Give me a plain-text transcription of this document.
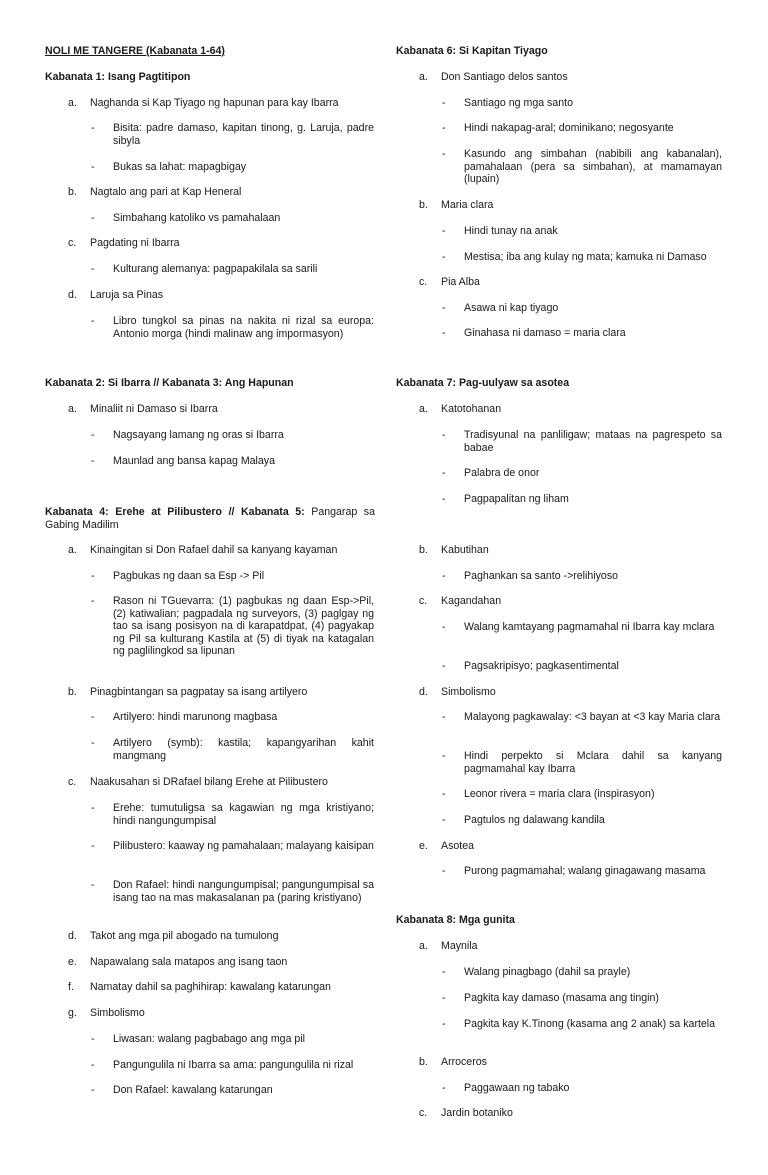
NOLI ME TANGERE (Kabanata 1-64)
Kabanata 1: Isang Pagtitipon
a. Naghanda si Kap Tiyago ng hapunan para kay Ibarra
- Bisita: padre damaso, kapitan tinong, g. Laruja, padre sibyla
- Bukas sa lahat: mapagbigay
b. Nagtalo ang pari at Kap Heneral
- Simbahang katoliko vs pamahalaan
c. Pagdating ni Ibarra
- Kulturang alemanya: pagpapakilala sa sarili
d. Laruja sa Pinas
- Libro tungkol sa pinas na nakita ni rizal sa europa: Antonio morga (hindi malinaw ang impormasyon)
Kabanata 2: Si Ibarra // Kabanata 3: Ang Hapunan
a. Minaliit ni Damaso si Ibarra
- Nagsayang lamang ng oras si Ibarra
- Maunlad ang bansa kapag Malaya
Kabanata 4: Erehe at Pilibustero // Kabanata 5: Pangarap sa Gabing Madilim
a. Kinaingitan si Don Rafael dahil sa kanyang kayaman
- Pagbukas ng daan sa Esp -> Pil
- Rason ni TGuevarra: (1) pagbukas ng daan Esp->Pil, (2) katiwalian; pagpadala ng surveyors, (3) paglgay ng tao sa isang posisyon na di karapatdpat, (4) pagyakap ng Pil sa kulturang Kastila at (5) di tiyak na katagalan ng paglilingkod sa lipunan
b. Pinagbintangan sa pagpatay sa isang artilyero
- Artilyero: hindi marunong magbasa
- Artilyero (symb): kastila; kapangyarihan kahit mangmang
c. Naakusahan si DRafael bilang Erehe at Pilibustero
- Erehe: tumutuligsa sa kagawian ng mga kristiyano; hindi nangungumpisal
- Pilibustero: kaaway ng pamahalaan; malayang kaisipan
- Don Rafael: hindi nangungumpisal; pangungumpisal sa isang tao na mas makasalanan pa (paring kristiyano)
d. Takot ang mga pil abogado na tumulong
e. Napawalang sala matapos ang isang taon
f. Namatay dahil sa paghihirap: kawalang katarungan
g. Simbolismo
- Liwasan: walang pagbabago ang mga pil
- Pangungulila ni Ibarra sa ama: pangungulila ni rizal
- Don Rafael: kawalang katarungan
Kabanata 6: Si Kapitan Tiyago
a. Don Santiago delos santos
- Santiago ng mga santo
- Hindi nakapag-aral; dominikano; negosyante
- Kasundo ang simbahan (nabibili ang kabanalan), pamahalaan (pera sa simbahan), at mamamayan (lupain)
b. Maria clara
- Hindi tunay na anak
- Mestisa; iba ang kulay ng mata; kamuka ni Damaso
c. Pia Alba
- Asawa ni kap tiyago
- Ginahasa ni damaso = maria clara
Kabanata 7: Pag-uulyaw sa asotea
a. Katotohanan
- Tradisyunal na panliligaw; mataas na pagrespeto sa babae
- Palabra de onor
- Pagpapalitan ng liham
b. Kabutihan
- Paghankan sa santo ->relihiyoso
c. Kagandahan
- Walang kamtayang pagmamahal ni Ibarra kay mclara
- Pagsakripisyo; pagkasentimental
d. Simbolismo
- Malayong pagkawalay: <3 bayan at <3 kay Maria clara
- Hindi perpekto si Mclara dahil sa kanyang pagmamahal kay Ibarra
- Leonor rivera = maria clara (inspirasyon)
- Pagtulos ng dalawang kandila
e. Asotea
- Purong pagmamahal; walang ginagawang masama
Kabanata 8: Mga gunita
a. Maynila
- Walang pinagbago (dahil sa prayle)
- Pagkita kay damaso (masama ang tingin)
- Pagkita kay K.Tinong (kasama ang 2 anak) sa kartela
b. Arroceros
- Paggawaan ng tabako
c. Jardin botaniko
